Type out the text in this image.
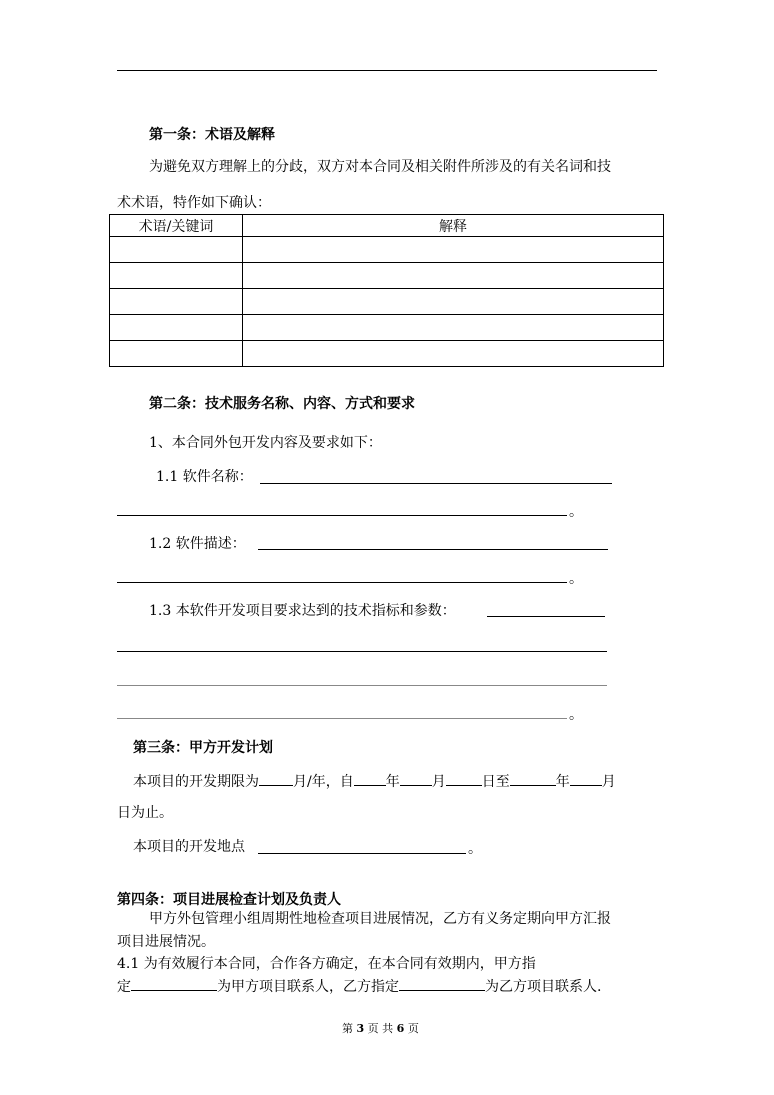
第一条：术语及解释
为避免双方理解上的分歧，双方对本合同及相关附件所涉及的有关名词和技
术术语，特作如下确认：
术语/关键词	解释

第二条：技术服务名称、内容、方式和要求
1、本合同外包开发内容及要求如下：
1.1 软件名称：
。
1.2 软件描述：
。
1.3 本软件开发项目要求达到的技术指标和参数：
。
第三条：甲方开发计划
本项目的开发期限为 月/年，自 年 月	日至	年 月
日为止。
本项目的开发地点	。
第四条：项目进展检查计划及负责人
甲方外包管理小组周期性地检查项目进展情况，乙方有义务定期向甲方汇报
项目进展情况。
4.1 为有效履行本合同，合作各方确定，在本合同有效期内，甲方指
定	为甲方项目联系人，乙方指定	为乙方项目联系人.
第 3 页 共 6 页
